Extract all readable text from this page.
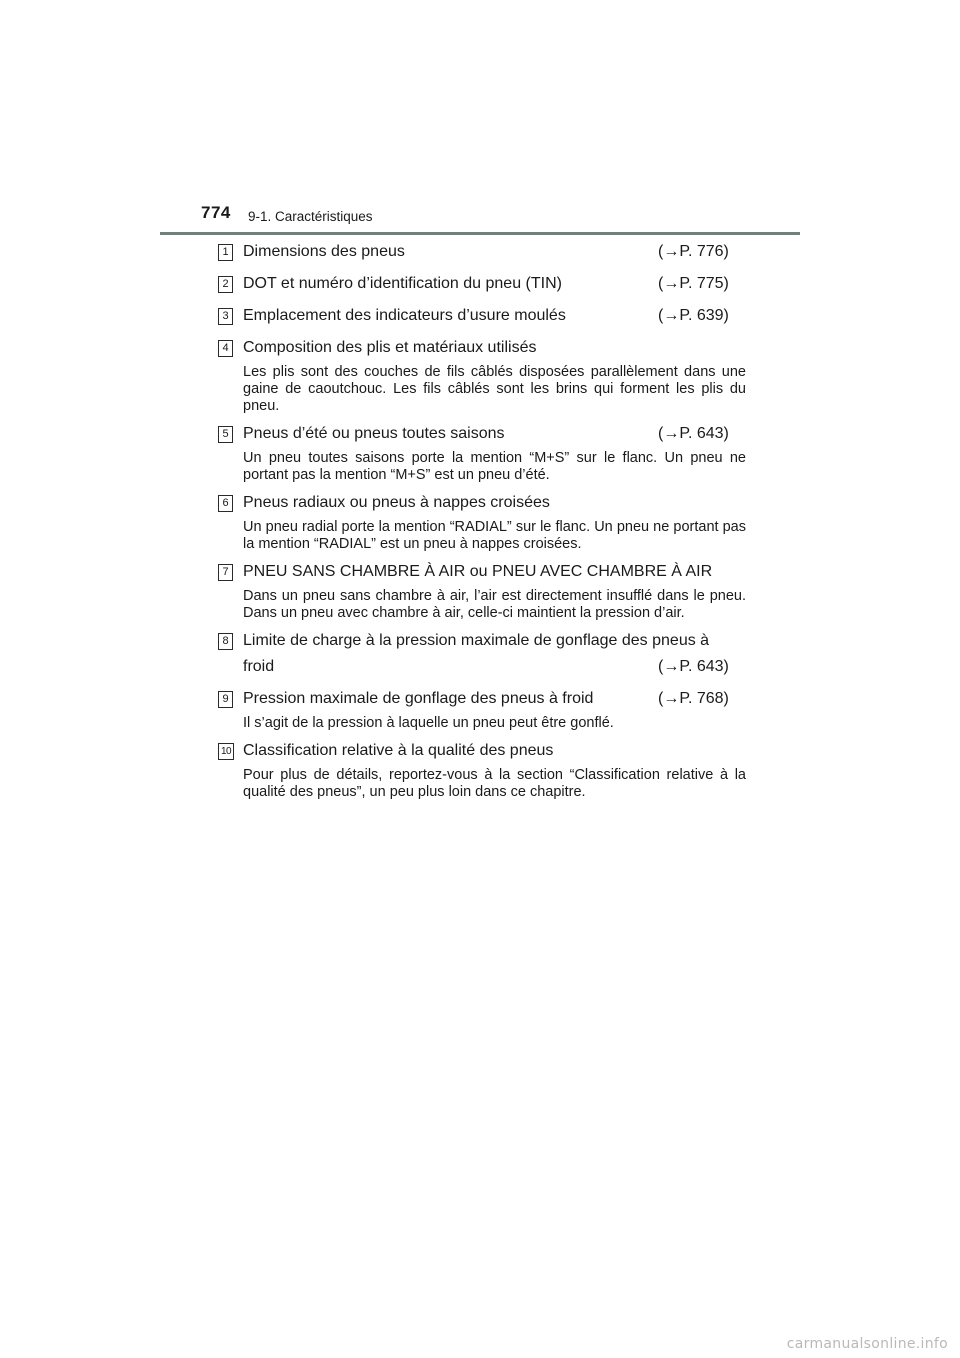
774 9-1. Caractéristiques
1 Dimensions des pneus	(→P. 776)
2 DOT et numéro d’identification du pneu (TIN)	(→P. 775)
3 Emplacement des indicateurs d’usure moulés	(→P. 639)
4 Composition des plis et matériaux utilisés
Les plis sont des couches de fils câblés disposées parallèlement dans une gaine de caoutchouc. Les fils câblés sont les brins qui forment les plis du pneu.
5 Pneus d’été ou pneus toutes saisons	(→P. 643)
Un pneu toutes saisons porte la mention “M+S” sur le flanc. Un pneu ne portant pas la mention “M+S” est un pneu d’été.
6 Pneus radiaux ou pneus à nappes croisées
Un pneu radial porte la mention “RADIAL” sur le flanc. Un pneu ne portant pas la mention “RADIAL” est un pneu à nappes croisées.
7 PNEU SANS CHAMBRE À AIR ou PNEU AVEC CHAMBRE À AIR
Dans un pneu sans chambre à air, l’air est directement insufflé dans le pneu. Dans un pneu avec chambre à air, celle-ci maintient la pression d’air.
8 Limite de charge à la pression maximale de gonflage des pneus à
froid	(→P. 643)
9 Pression maximale de gonflage des pneus à froid	(→P. 768)
Il s’agit de la pression à laquelle un pneu peut être gonflé.
10 Classification relative à la qualité des pneus
Pour plus de détails, reportez-vous à la section “Classification relative à la qualité des pneus”, un peu plus loin dans ce chapitre.
carmanualsonline.info
